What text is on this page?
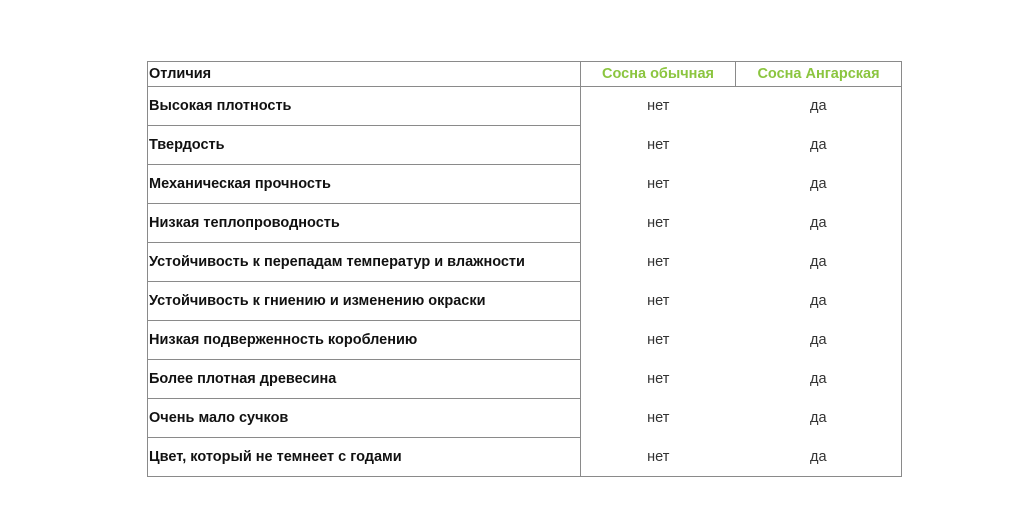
Отличия	Сосна обычная	Сосна Ангарская
Высокая плотность	нет	да
Твердость	нет	да
Механическая прочность	нет	да
Низкая теплопроводность	нет	да
Устойчивость к перепадам температур и влажности	нет	да
Устойчивость к гниению и изменению окраски	нет	да
Низкая подверженность короблению	нет	да
Более плотная древесина	нет	да
Очень мало сучков	нет	да
Цвет, который не темнеет с годами	нет	да
